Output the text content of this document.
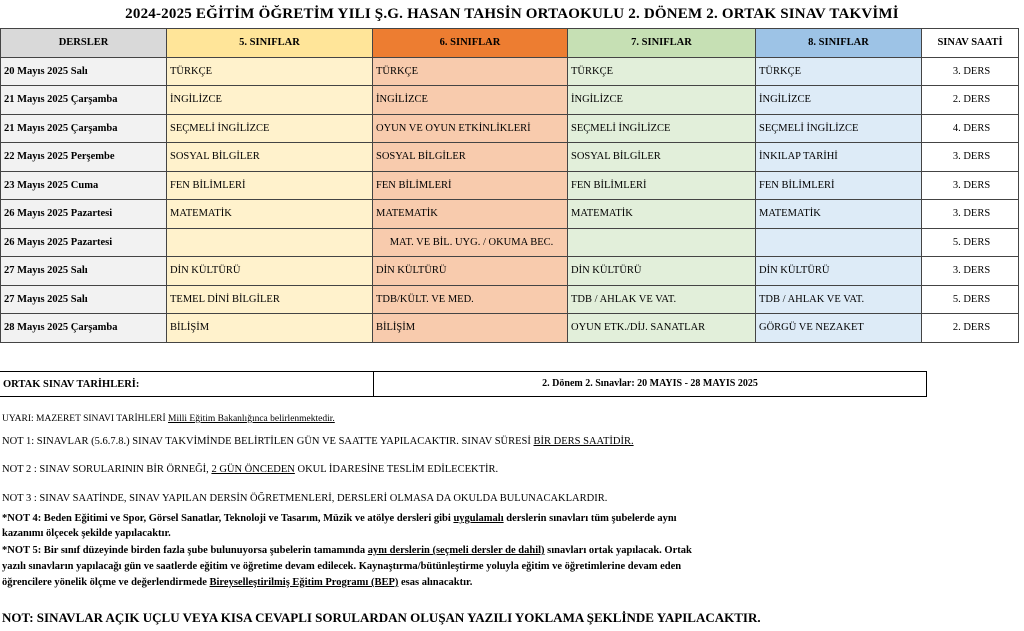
2024-2025 EĞİTİM ÖĞRETİM YILI Ş.G. HASAN TAHSİN ORTAOKULU 2. DÖNEM 2. ORTAK SINAV TAKVİMİ
DERSLER	5. SINIFLAR	6. SINIFLAR	7. SINIFLAR	8. SINIFLAR	SINAV SAATİ
20 Mayıs 2025 Salı	TÜRKÇE	TÜRKÇE	TÜRKÇE	TÜRKÇE	3. DERS
21 Mayıs 2025 Çarşamba	İNGİLİZCE	İNGİLİZCE	İNGİLİZCE	İNGİLİZCE	2. DERS
21 Mayıs 2025 Çarşamba	SEÇMELİ İNGİLİZCE	OYUN VE OYUN ETKİNLİKLERİ	SEÇMELİ İNGİLİZCE	SEÇMELİ İNGİLİZCE	4. DERS
22 Mayıs 2025 Perşembe	SOSYAL BİLGİLER	SOSYAL BİLGİLER	SOSYAL BİLGİLER	İNKILAP TARİHİ	3. DERS
23 Mayıs 2025 Cuma	FEN BİLİMLERİ	FEN BİLİMLERİ	FEN BİLİMLERİ	FEN BİLİMLERİ	3. DERS
26 Mayıs 2025 Pazartesi	MATEMATİK	MATEMATİK	MATEMATİK	MATEMATİK	3. DERS
26 Mayıs 2025 Pazartesi		MAT. VE BİL. UYG. / OKUMA BEC.			5. DERS
27 Mayıs 2025 Salı	DİN KÜLTÜRÜ	DİN KÜLTÜRÜ	DİN KÜLTÜRÜ	DİN KÜLTÜRÜ	3. DERS
27 Mayıs 2025 Salı	TEMEL DİNİ BİLGİLER	TDB/KÜLT. VE MED.	TDB / AHLAK VE VAT.	TDB / AHLAK VE VAT.	5. DERS
28 Mayıs 2025 Çarşamba	BİLİŞİM	BİLİŞİM	OYUN ETK./DİJ. SANATLAR	GÖRGÜ VE NEZAKET	2. DERS
ORTAK SINAV TARİHLERİ:	2. Dönem 2. Sınavlar: 20 MAYIS - 28 MAYIS 2025
UYARI: MAZERET SINAVI TARİHLERİ Milli Eğitim Bakanlığınca belirlenmektedir.
NOT 1: SINAVLAR (5.6.7.8.) SINAV TAKVİMİNDE BELİRTİLEN GÜN VE SAATTE YAPILACAKTIR. SINAV SÜRESİ BİR DERS SAATİDİR.
NOT 2 : SINAV SORULARININ BİR ÖRNEĞİ, 2 GÜN ÖNCEDEN OKUL İDARESİNE TESLİM EDİLECEKTİR.
NOT 3 : SINAV SAATİNDE, SINAV YAPILAN DERSİN ÖĞRETMENLERİ, DERSLERİ OLMASA DA OKULDA BULUNACAKLARDIR.
*NOT 4: Beden Eğitimi ve Spor, Görsel Sanatlar, Teknoloji ve Tasarım, Müzik ve atölye dersleri gibi uygulamalı derslerin sınavları tüm şubelerde aynı
kazanımı ölçecek şekilde yapılacaktır.
*NOT 5: Bir sınıf düzeyinde birden fazla şube bulunuyorsa şubelerin tamamında aynı derslerin (seçmeli dersler de dahil) sınavları ortak yapılacak. Ortak
yazılı sınavların yapılacağı gün ve saatlerde eğitim ve öğretime devam edilecek. Kaynaştırma/bütünleştirme yoluyla eğitim ve öğretimlerine devam eden
öğrencilere yönelik ölçme ve değerlendirmede Bireyselleştirilmiş Eğitim Programı (BEP) esas alınacaktır.
NOT: SINAVLAR AÇIK UÇLU VEYA KISA CEVAPLI SORULARDAN OLUŞAN YAZILI YOKLAMA ŞEKLİNDE YAPILACAKTIR.
